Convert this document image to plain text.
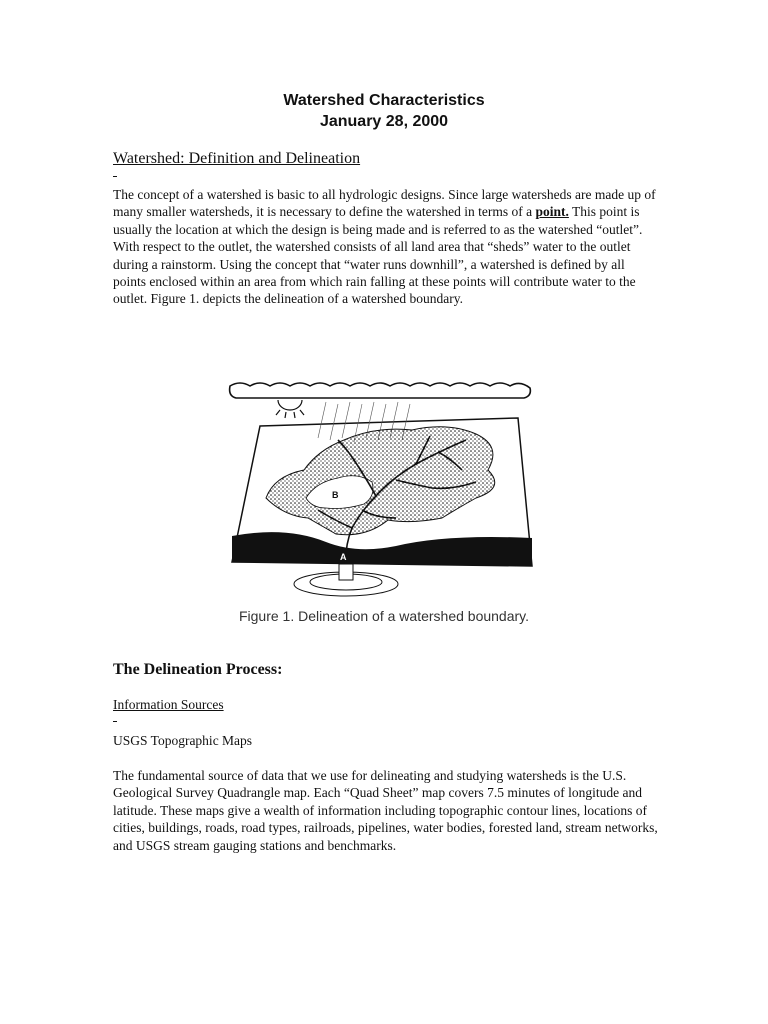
Watershed Characteristics
January 28, 2000
Watershed: Definition and Delineation
The concept of a watershed is basic to all hydrologic designs. Since large watersheds are made up of many smaller watersheds, it is necessary to define the watershed in terms of a point. This point is usually the location at which the design is being made and is referred to as the watershed “outlet”. With respect to the outlet, the watershed consists of all land area that “sheds” water to the outlet during a rainstorm. Using the concept that “water runs downhill”, a watershed is defined by all points enclosed within an area from which rain falling at these points will contribute water to the outlet. Figure 1. depicts the delineation of a watershed boundary.
A
B
Figure 1. Delineation of a watershed boundary.
The Delineation Process:
Information Sources
USGS Topographic Maps
The fundamental source of data that we use for delineating and studying watersheds is the U.S. Geological Survey Quadrangle map. Each “Quad Sheet” map covers 7.5 minutes of longitude and latitude. These maps give a wealth of information including topographic contour lines, locations of cities, buildings, roads, road types, railroads, pipelines, water bodies, forested land, stream networks, and USGS stream gauging stations and benchmarks.
